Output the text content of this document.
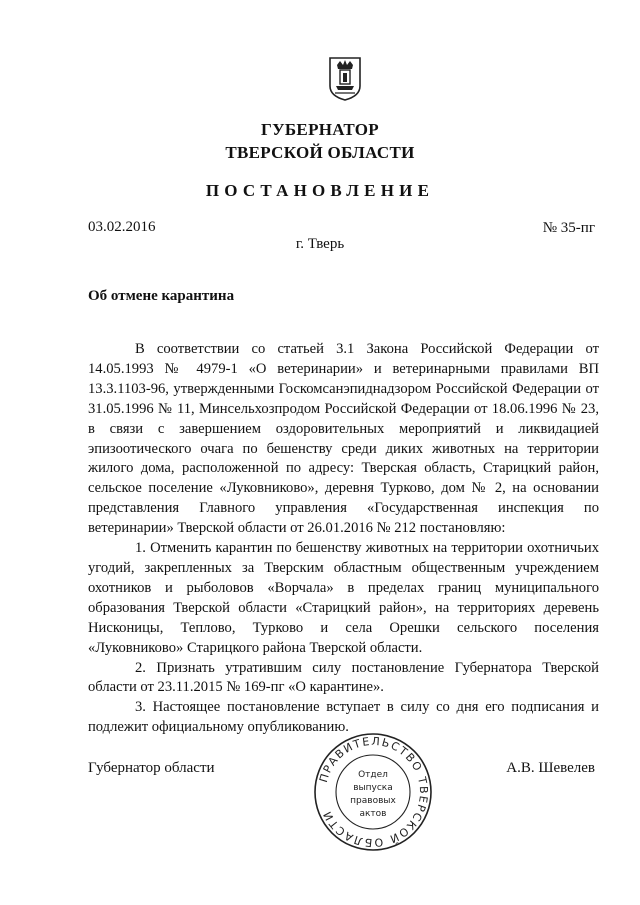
ГУБЕРНАТОР
ТВЕРСКОЙ ОБЛАСТИ
ПОСТАНОВЛЕНИЕ
03.02.2016	№ 35-пг
г. Тверь
Об отмене карантина

В соответствии со статьей 3.1 Закона Российской Федерации от 14.05.1993 № 4979-1 «О ветеринарии» и ветеринарными правилами ВП 13.3.1103-96, утвержденными Госкомсанэпиднадзором Российской Федерации от 31.05.1996 № 11, Минсельхозпродом Российской Федерации от 18.06.1996 № 23, в связи с завершением оздоровительных мероприятий и ликвидацией эпизоотического очага по бешенству среди диких животных на территории жилого дома, расположенной по адресу: Тверская область, Старицкий район, сельское поселение «Луковниково», деревня Турково, дом № 2, на основании представления Главного управления «Государственная инспекция по ветеринарии» Тверской области от 26.01.2016 № 212 постановляю:

1. Отменить карантин по бешенству животных на территории охотничьих угодий, закрепленных за Тверским областным общественным учреждением охотников и рыболовов «Ворчала» в пределах границ муниципального образования Тверской области «Старицкий район», на территориях деревень Нисконицы, Теплово, Турково и села Орешки сельского поселения «Луковниково» Старицкого района Тверской области.

2. Признать утратившим силу постановление Губернатора Тверской области от 23.11.2015 № 169-пг «О карантине».

3. Настоящее постановление вступает в силу со дня его подписания и подлежит официальному опубликованию.

Губернатор области	А.В. Шевелев
ПРАВИТЕЛЬСТВО ТВЕРСКОЙ ОБЛАСТИ
Отдел
выпуска
правовых
актов
